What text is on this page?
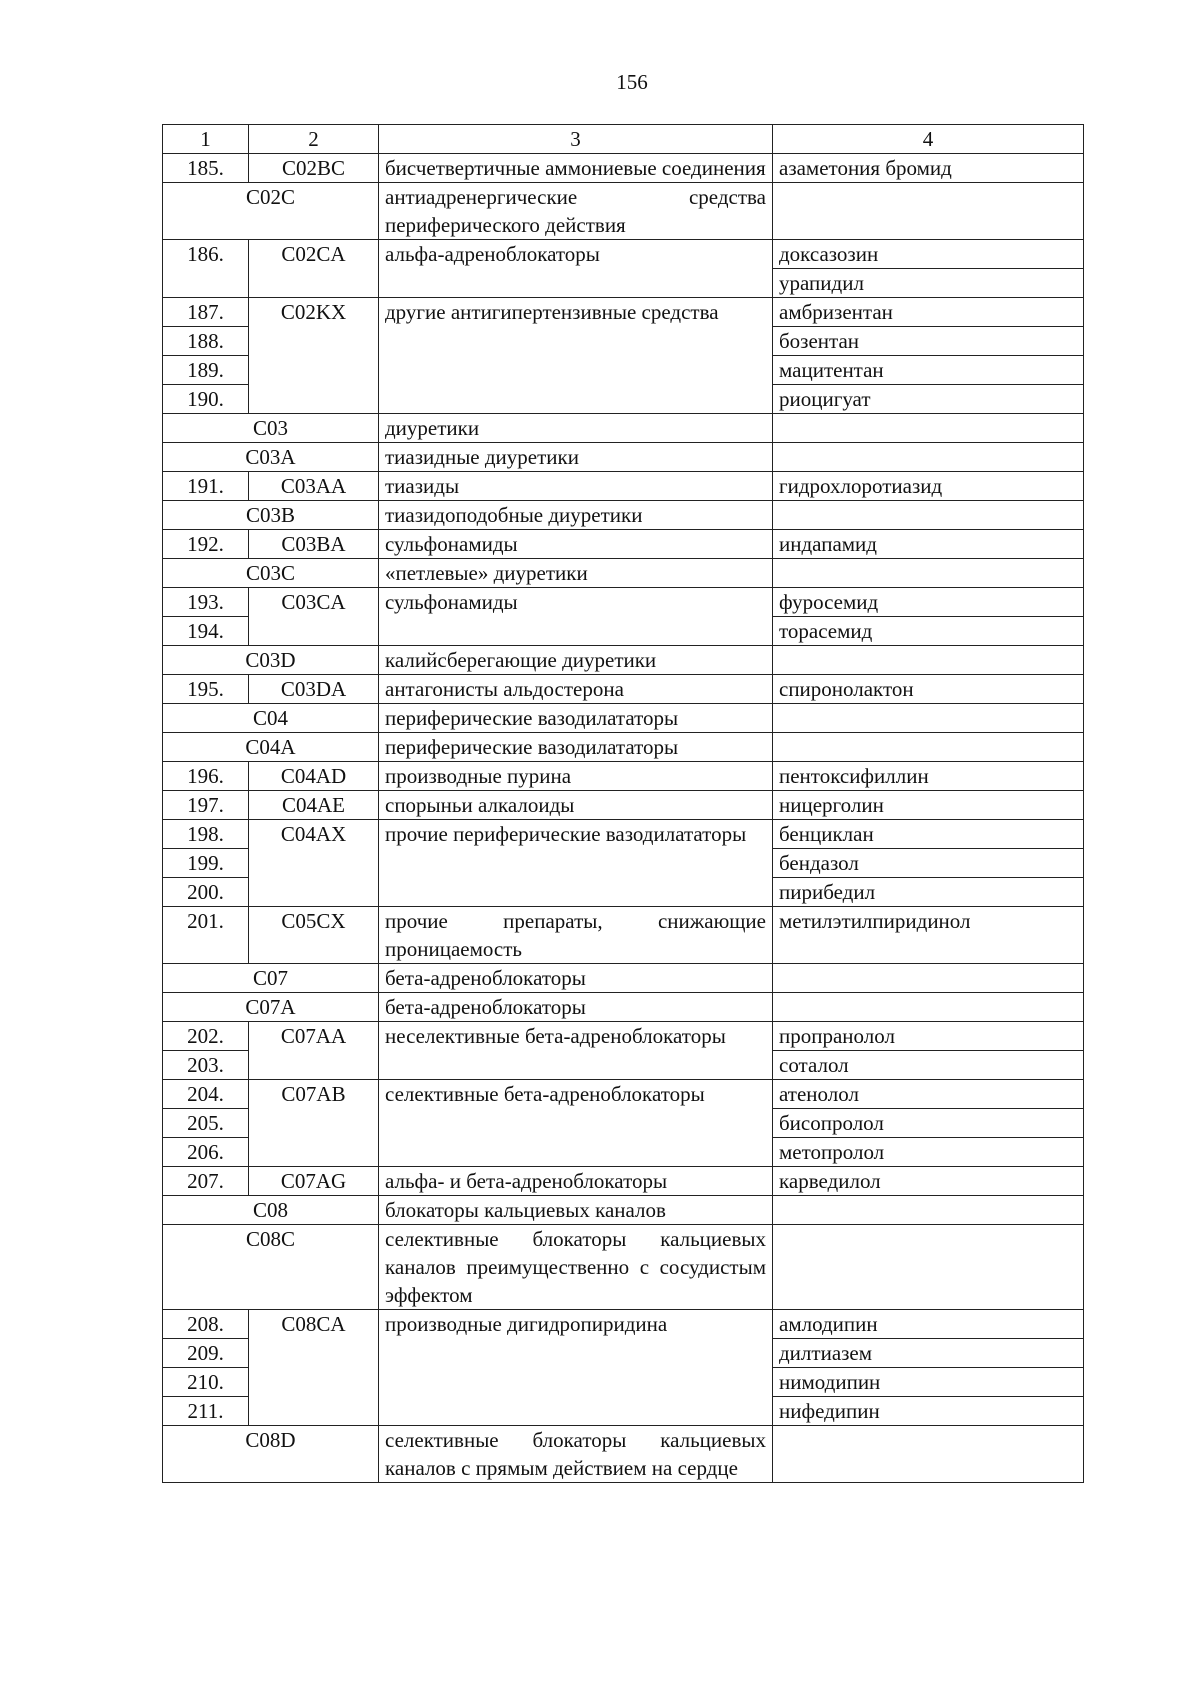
156
1	2	3	4
185.	C02BC	бисчетвертичные аммониевые соединения	азаметония бромид
C02C		антиадренергические средства периферического действия	
186.	C02CA	альфа-адреноблокаторы	доксазозин
			урапидил
187.	C02KX	другие антигипертензивные средства	амбризентан
188.			бозентан
189.			мацитентан
190.			риоцигуат
C03		диуретики	
C03A		тиазидные диуретики	
191.	C03AA	тиазиды	гидрохлоротиазид
C03B		тиазидоподобные диуретики	
192.	C03BA	сульфонамиды	индапамид
C03C		«петлевые» диуретики	
193.	C03CA	сульфонамиды	фуросемид
194.			торасемид
C03D		калийсберегающие диуретики	
195.	C03DA	антагонисты альдостерона	спиронолактон
C04		периферические вазодилататоры	
C04A		периферические вазодилататоры	
196.	C04AD	производные пурина	пентоксифиллин
197.	C04AE	спорыньи алкалоиды	ницерголин
198.	C04AX	прочие периферические вазодилататоры	бенциклан
199.			бендазол
200.			пирибедил
201.	C05CX	прочие препараты, снижающие проницаемость	метилэтилпиридинол
C07		бета-адреноблокаторы	
C07A		бета-адреноблокаторы	
202.	C07AA	неселективные бета-адреноблокаторы	пропранолол
203.			соталол
204.	C07AB	селективные бета-адреноблокаторы	атенолол
205.			бисопролол
206.			метопролол
207.	C07AG	альфа- и бета-адреноблокаторы	карведилол
C08		блокаторы кальциевых каналов	
C08C		селективные блокаторы кальциевых каналов преимущественно с сосудистым эффектом	
208.	C08CA	производные дигидропиридина	амлодипин
209.			дилтиазем
210.			нимодипин
211.			нифедипин
C08D		селективные блокаторы кальциевых каналов с прямым действием на сердце	
